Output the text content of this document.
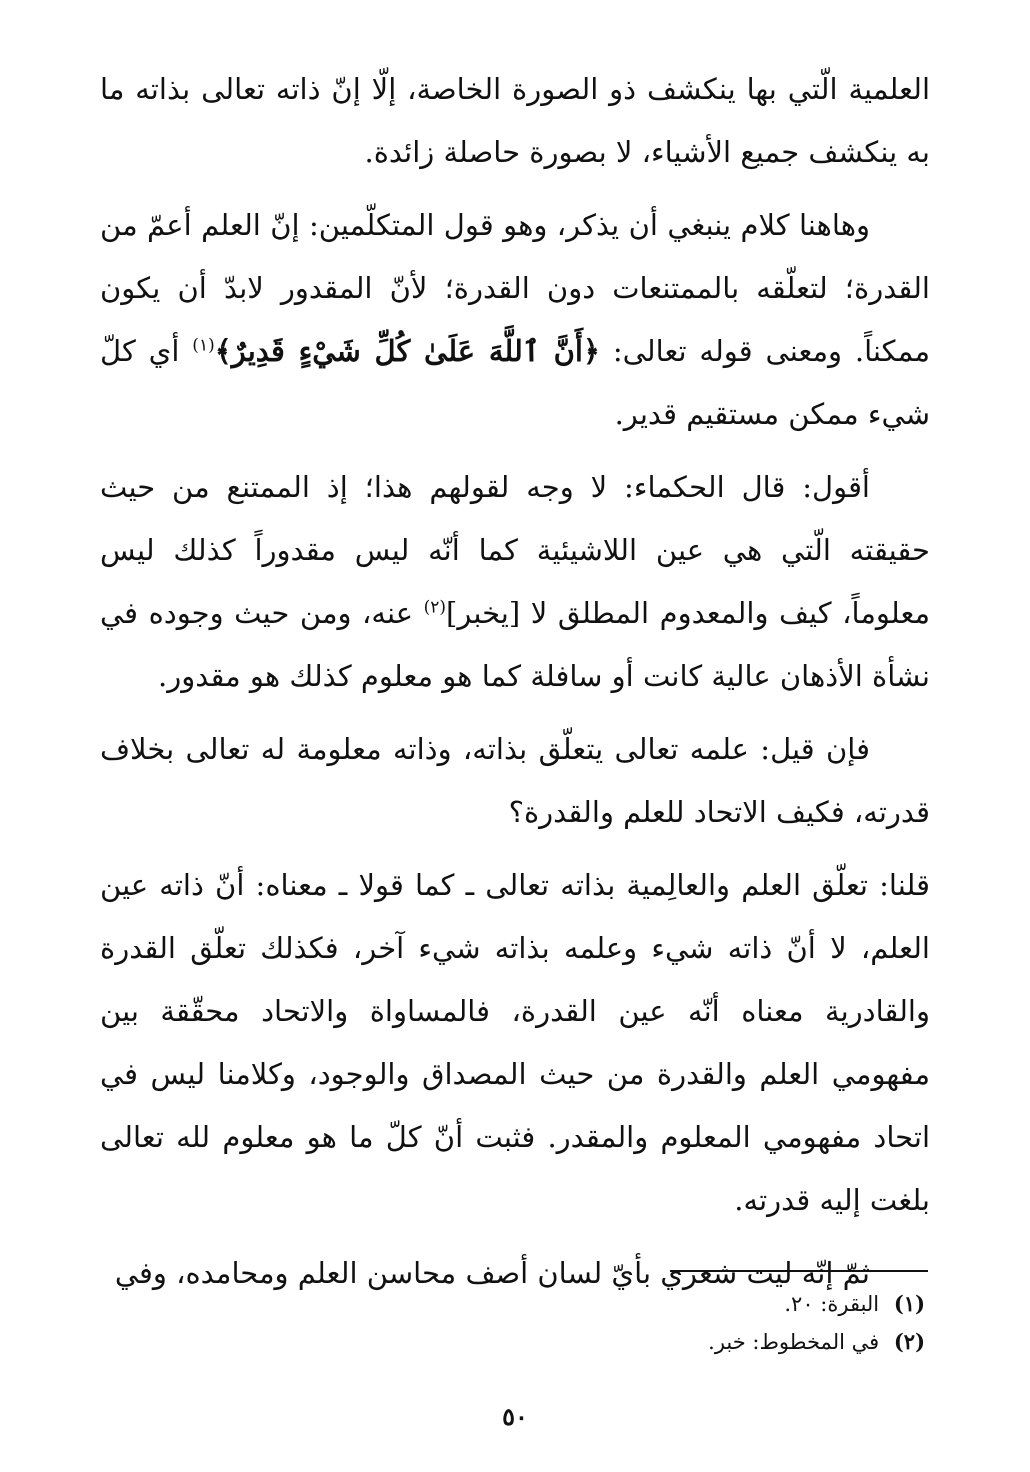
العلمية الّتي بها ينكشف ذو الصورة الخاصة، إلّا إنّ ذاته تعالى بذاته ما به ينكشف جميع الأشياء، لا بصورة حاصلة زائدة.

وهاهنا كلام ينبغي أن يذكر، وهو قول المتكلّمين: إنّ العلم أعمّ من القدرة؛ لتعلّقه بالممتنعات دون القدرة؛ لأنّ المقدور لابدّ أن يكون ممكناً. ومعنى قوله تعالى: ﴿أَنَّ ٱللَّهَ عَلَىٰ كُلِّ شَيْءٍ قَدِيرٌ﴾$^{(١)}$ أي كلّ شيء ممكن مستقيم قدير.

أقول: قال الحكماء: لا وجه لقولهم هذا؛ إذ الممتنع من حيث حقيقته الّتي هي عين اللاشيئية كما أنّه ليس مقدوراً كذلك ليس معلوماً، كيف والمعدوم المطلق لا [يخبر]$^{(٢)}$ عنه، ومن حيث وجوده في نشأة الأذهان عالية كانت أو سافلة كما هو معلوم كذلك هو مقدور.

فإن قيل: علمه تعالى يتعلّق بذاته، وذاته معلومة له تعالى بخلاف قدرته، فكيف الاتحاد للعلم والقدرة؟

قلنا: تعلّق العلم والعالِمية بذاته تعالى ـ كما قولا ـ معناه: أنّ ذاته عين العلم، لا أنّ ذاته شيء وعلمه بذاته شيء آخر، فكذلك تعلّق القدرة والقادرية معناه أنّه عين القدرة، فالمساواة والاتحاد محقّقة بين مفهومي العلم والقدرة من حيث المصداق والوجود، وكلامنا ليس في اتحاد مفهومي المعلوم والمقدر. فثبت أنّ كلّ ما هو معلوم لله تعالى بلغت إليه قدرته.

ثمّ إنّه ليت شعري بأيّ لسان أصف محاسن العلم ومحامده، وفي

(١) البقرة: ٢٠.

(٢) في المخطوط: خبر.

٥٠
